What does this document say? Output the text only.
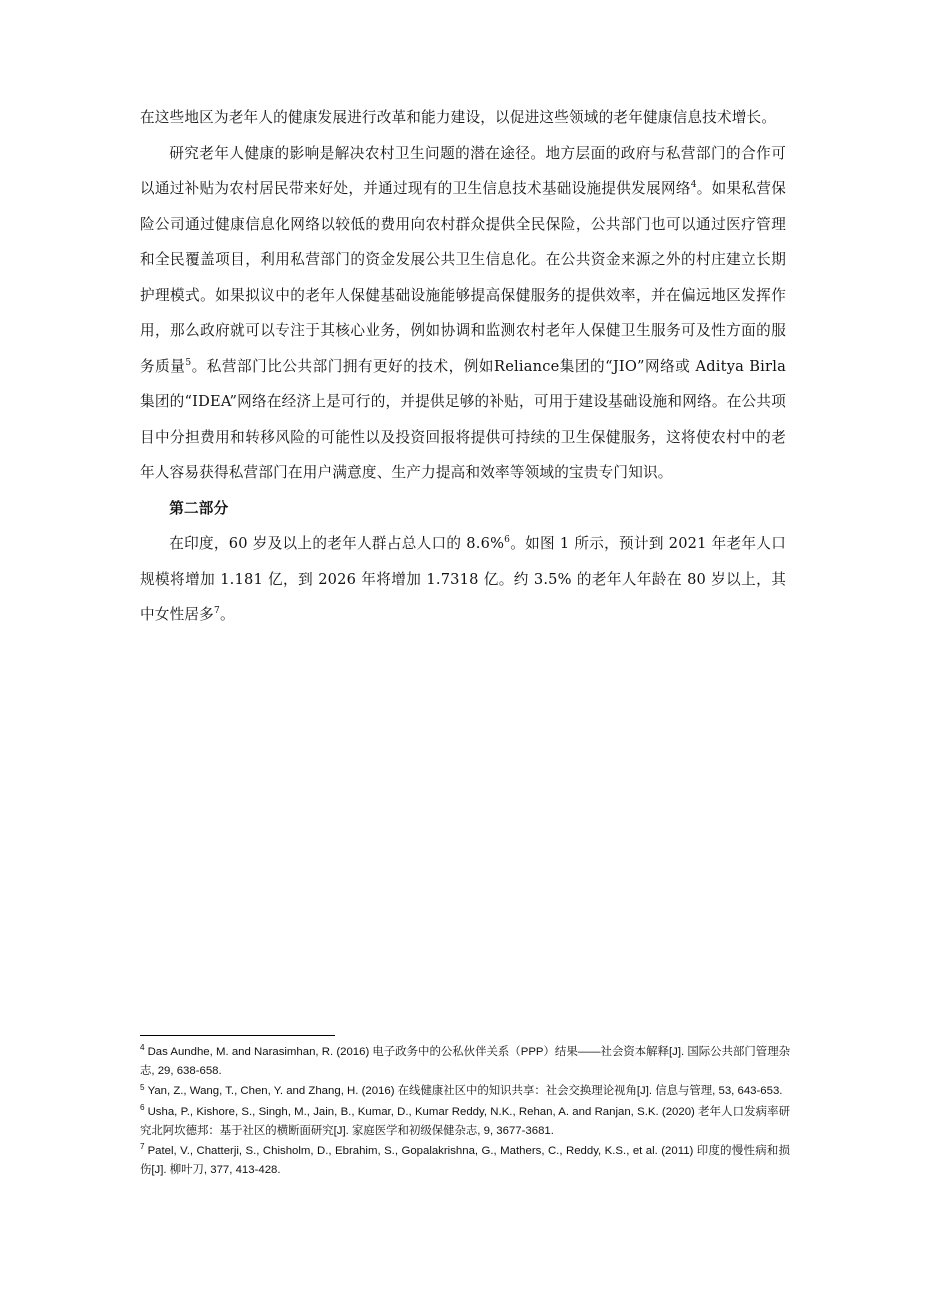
在这些地区为老年人的健康发展进行改革和能力建设，以促进这些领域的老年健康信息技术增长。

研究老年人健康的影响是解决农村卫生问题的潜在途径。地方层面的政府与私营部门的合作可以通过补贴为农村居民带来好处，并通过现有的卫生信息技术基础设施提供发展网络$^4$。如果私营保险公司通过健康信息化网络以较低的费用向农村群众提供全民保险，公共部门也可以通过医疗管理和全民覆盖项目，利用私营部门的资金发展公共卫生信息化。在公共资金来源之外的村庄建立长期护理模式。如果拟议中的老年人保健基础设施能够提高保健服务的提供效率，并在偏远地区发挥作用，那么政府就可以专注于其核心业务，例如协调和监测农村老年人保健卫生服务可及性方面的服务质量$^5$。私营部门比公共部门拥有更好的技术，例如Reliance集团的“JIO”网络或 Aditya Birla 集团的“IDEA”网络在经济上是可行的，并提供足够的补贴，可用于建设基础设施和网络。在公共项目中分担费用和转移风险的可能性以及投资回报将提供可持续的卫生保健服务，这将使农村中的老年人容易获得私营部门在用户满意度、生产力提高和效率等领域的宝贵专门知识。

第二部分

在印度，60 岁及以上的老年人群占总人口的 8.6%$^6$。如图 1 所示，预计到 2021 年老年人口规模将增加 1.181 亿，到 2026 年将增加 1.7318 亿。约 3.5% 的老年人年龄在 80 岁以上，其中女性居多$^7$。

$^4$ Das Aundhe, M. and Narasimhan, R. (2016) 电子政务中的公私伙伴关系（PPP）结果——社会资本解释[J]. 国际公共部门管理杂志, 29, 638-658.

$^5$ Yan, Z., Wang, T., Chen, Y. and Zhang, H. (2016) 在线健康社区中的知识共享：社会交换理论视角[J]. 信息与管理, 53, 643-653.

$^6$ Usha, P., Kishore, S., Singh, M., Jain, B., Kumar, D., Kumar Reddy, N.K., Rehan, A. and Ranjan, S.K. (2020) 老年人口发病率研究北阿坎德邦：基于社区的横断面研究[J]. 家庭医学和初级保健杂志, 9, 3677-3681.

$^7$ Patel, V., Chatterji, S., Chisholm, D., Ebrahim, S., Gopalakrishna, G., Mathers, C., Reddy, K.S., et al. (2011) 印度的慢性病和损伤[J]. 柳叶刀, 377, 413-428.
